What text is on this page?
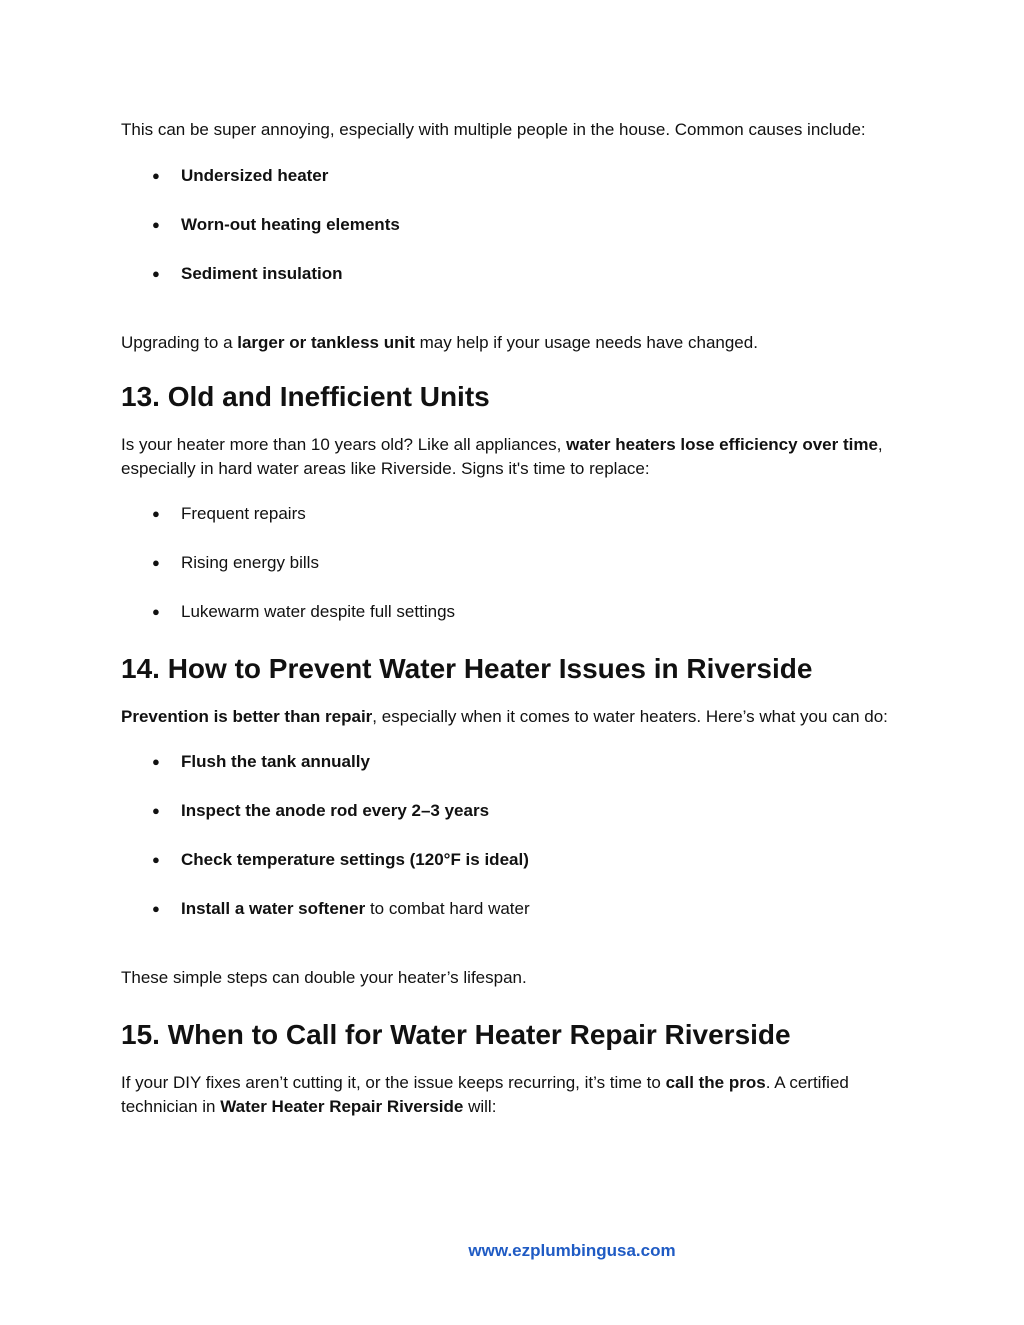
This can be super annoying, especially with multiple people in the house. Common causes include:

● Undersized heater
● Worn-out heating elements
● Sediment insulation

Upgrading to a larger or tankless unit may help if your usage needs have changed.

13. Old and Inefficient Units

Is your heater more than 10 years old? Like all appliances, water heaters lose efficiency over time, especially in hard water areas like Riverside. Signs it's time to replace:

● Frequent repairs
● Rising energy bills
● Lukewarm water despite full settings
14. How to Prevent Water Heater Issues in Riverside

Prevention is better than repair, especially when it comes to water heaters. Here’s what you can do:

● Flush the tank annually
● Inspect the anode rod every 2–3 years
● Check temperature settings (120°F is ideal)
● Install a water softener to combat hard water

These simple steps can double your heater’s lifespan.

15. When to Call for Water Heater Repair Riverside

If your DIY fixes aren’t cutting it, or the issue keeps recurring, it’s time to call the pros. A certified technician in Water Heater Repair Riverside will:

www.ezplumbingusa.com
